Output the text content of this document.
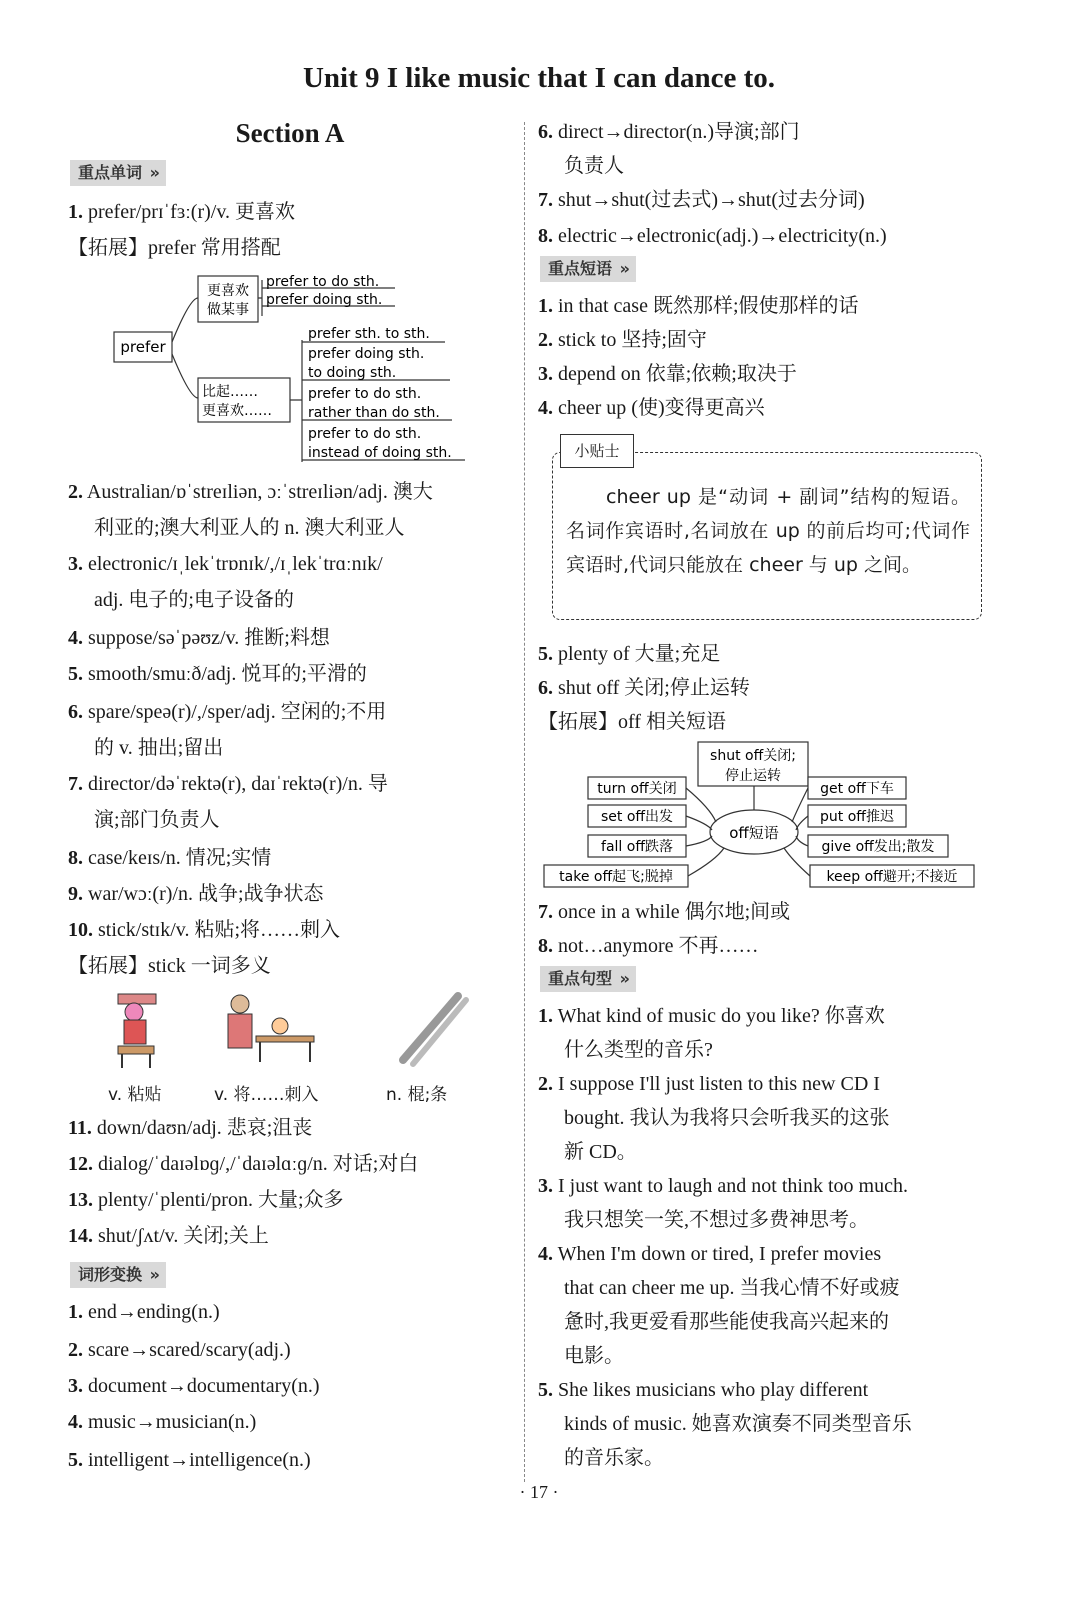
Unit 9 I like music that I can dance to.
Section A
重点单词 »
1. prefer/prɪˈfɜː(r)/v. 更喜欢
【拓展】prefer 常用搭配
2. Australian/ɒˈstreɪliən, ɔːˈstreɪliən/adj. 澳大
利亚的;澳大利亚人的 n. 澳大利亚人
3. electronic/ɪˌlekˈtrɒnɪk/,/ɪˌlekˈtrɑːnɪk/
adj. 电子的;电子设备的
4. suppose/səˈpəʊz/v. 推断;料想
5. smooth/smuːð/adj. 悦耳的;平滑的
6. spare/speə(r)/,/sper/adj. 空闲的;不用
的 v. 抽出;留出
7. director/dəˈrektə(r), daɪˈrektə(r)/n. 导
演;部门负责人
8. case/keɪs/n. 情况;实情
9. war/wɔː(r)/n. 战争;战争状态
10. stick/stɪk/v. 粘贴;将……刺入
【拓展】stick 一词多义
11. down/daʊn/adj. 悲哀;沮丧
12. dialog/ˈdaɪəlɒɡ/,/ˈdaɪəlɑːɡ/n. 对话;对白
13. plenty/ˈplenti/pron. 大量;众多
14. shut/ʃʌt/v. 关闭;关上
prefer
更喜欢
做某事
prefer to do sth.
prefer doing sth.
比起……
更喜欢……
prefer sth. to sth.
prefer doing sth.
to doing sth.
prefer to do sth.
rather than do sth.
prefer to do sth.
instead of doing sth.
v. 粘贴	v. 将……刺入	n. 棍;条
词形变换 »
1. end→ending(n.)
2. scare→scared/scary(adj.)
3. document→documentary(n.)
4. music→musician(n.)
5. intelligent→intelligence(n.)
6. direct→director(n.)导演;部门
负责人
7. shut→shut(过去式)→shut(过去分词)
8. electric→electronic(adj.)→electricity(n.)
重点短语 »
1. in that case 既然那样;假使那样的话
2. stick to 坚持;固守
3. depend on 依靠;依赖;取决于
4. cheer up (使)变得更高兴
5. plenty of 大量;充足
6. shut off 关闭;停止运转
【拓展】off 相关短语
7. once in a while 偶尔地;间或
8. not…anymore 不再……
小贴士
cheer up 是“动词 + 副词”结构的短语。名词作宾语时,名词放在 up 的前后均可;代词作宾语时,代词只能放在 cheer 与 up 之间。
off短语
shut off关闭;
停止运转
turn off关闭
set off出发
fall off跌落
take off起飞;脱掉
get off下车
put off推迟
give off发出;散发
keep off避开;不接近
重点句型 »
1. What kind of music do you like? 你喜欢
什么类型的音乐?
2. I suppose I'll just listen to this new CD I
bought. 我认为我将只会听我买的这张
新 CD。
3. I just want to laugh and not think too much.
我只想笑一笑,不想过多费神思考。
4. When I'm down or tired, I prefer movies
that can cheer me up. 当我心情不好或疲
惫时,我更爱看那些能使我高兴起来的
电影。
5. She likes musicians who play different
kinds of music. 她喜欢演奏不同类型音乐
的音乐家。
· 17 ·
